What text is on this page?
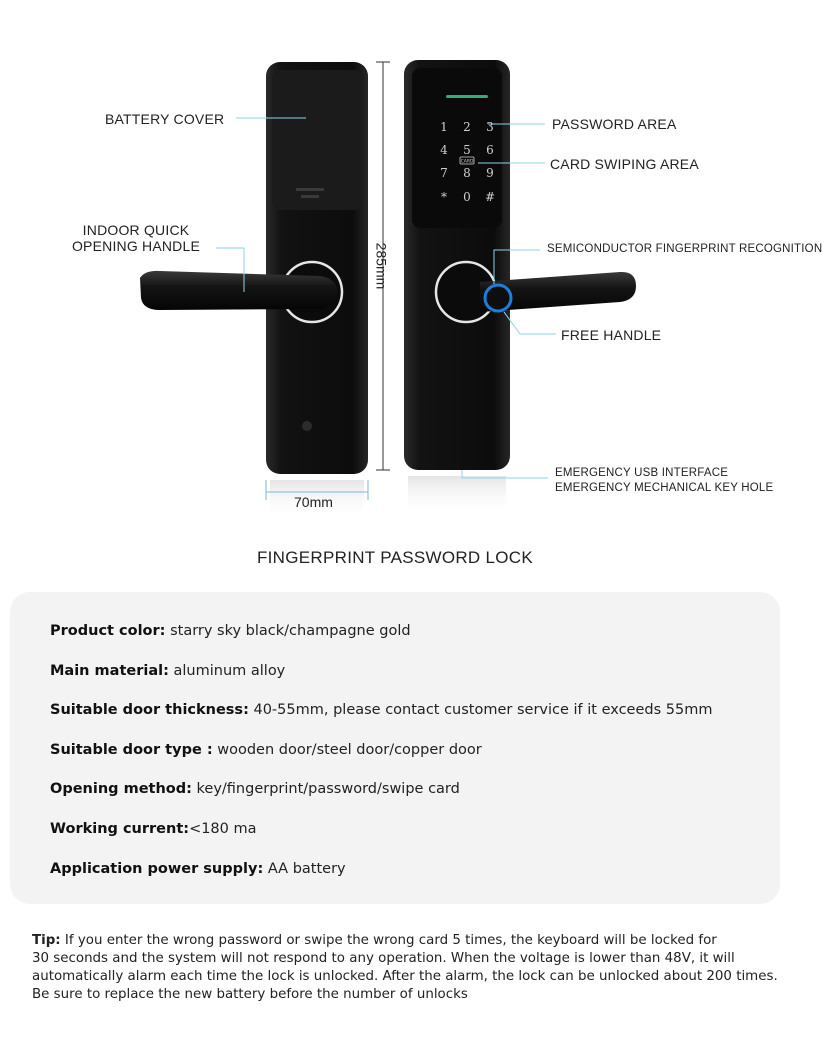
1 2 3
4 5 6
7 8 9
* 0 #
CARD
BATTERY COVER
INDOOR QUICK
OPENING HANDLE
PASSWORD AREA
CARD SWIPING AREA
SEMICONDUCTOR FINGERPRINT RECOGNITION
FREE HANDLE
EMERGENCY USB INTERFACE
EMERGENCY MECHANICAL KEY HOLE
285mm
70mm
FINGERPRINT PASSWORD LOCK
Product color: starry sky black/champagne gold
Main material: aluminum alloy
Suitable door thickness: 40-55mm, please contact customer service if it exceeds 55mm
Suitable door type : wooden door/steel door/copper door
Opening method: key/fingerprint/password/swipe card
Working current:<180 ma
Application power supply: AA battery
Tip: If you enter the wrong password or swipe the wrong card 5 times, the keyboard will be locked for
30 seconds and the system will not respond to any operation. When the voltage is lower than 48V, it will
automatically alarm each time the lock is unlocked. After the alarm, the lock can be unlocked about 200 times.
Be sure to replace the new battery before the number of unlocks
